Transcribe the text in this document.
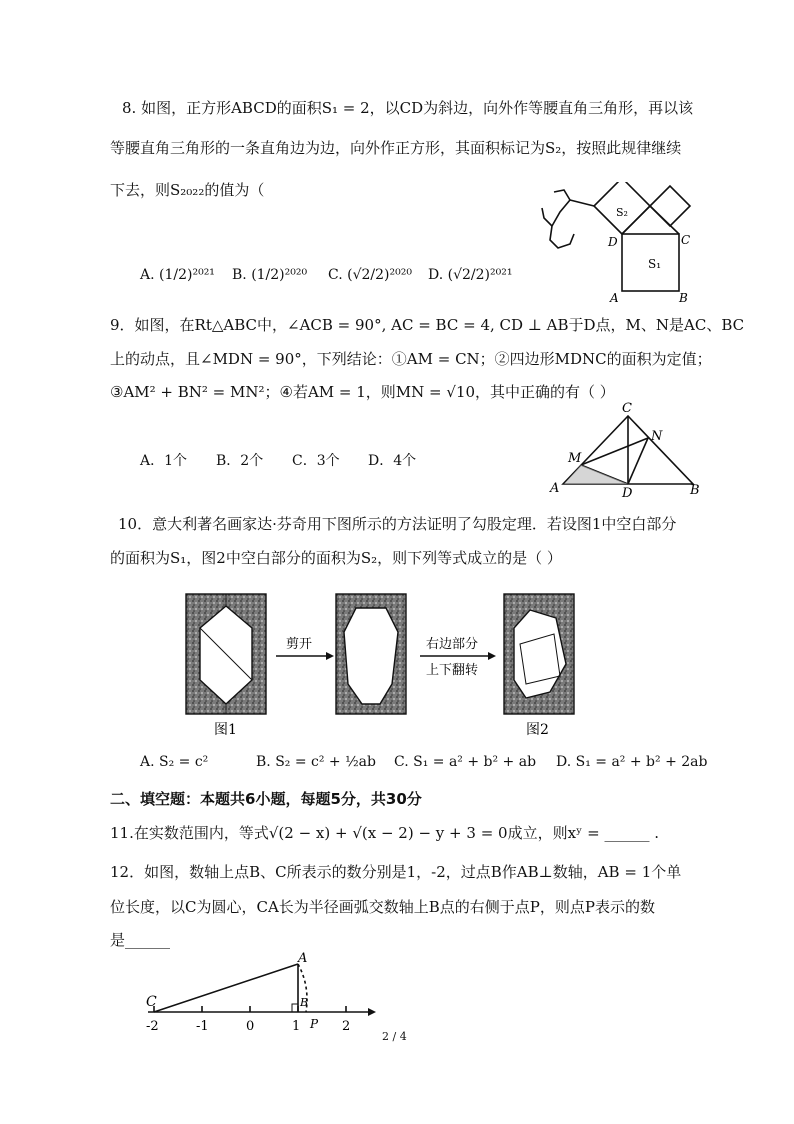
8. 如图，正方形ABCD的面积S₁ = 2，以CD为斜边，向外作等腰直角三角形，再以该
等腰直角三角形的一条直角边为边，向外作正方形，其面积标记为S₂，按照此规律继续
下去，则S₂₀₂₂的值为（
A. (1/2)²⁰²¹ B. (1/2)²⁰²⁰ C. (√2/2)²⁰²⁰ D. (√2/2)²⁰²¹
S₁
S₂
A	B
C
D
9．如图，在Rt△ABC中，∠ACB = 90°, AC = BC = 4, CD ⊥ AB于D点，M、N是AC、BC
上的动点，且∠MDN = 90°，下列结论：①AM = CN；②四边形MDNC的面积为定值；
③AM² + BN² = MN²；④若AM = 1，则MN = √10，其中正确的有（ ）
A．1个 B．2个 C．3个 D．4个
C
N
M
A	D	B
10．意大利著名画家达·芬奇用下图所示的方法证明了勾股定理．若设图1中空白部分
的面积为S₁，图2中空白部分的面积为S₂，则下列等式成立的是（ ）
剪开	右边部分
上下翻转
图1	图2
A. S₂ = c²	B. S₂ = c² + ½ab C. S₁ = a² + b² + ab D. S₁ = a² + b² + 2ab
二、填空题：本题共6小题，每题5分，共30分
11.在实数范围内，等式√(2 − x) + √(x − 2) − y + 3 = 0成立，则xʸ = ______ .
12．如图，数轴上点B、C所表示的数分别是1，-2，过点B作AB⊥数轴，AB = 1个单
位长度，以C为圆心，CA长为半径画弧交数轴上B点的右侧于点P，则点P表示的数
是______
C
A
B
P
-2	-1	0	1	2
2 / 4
